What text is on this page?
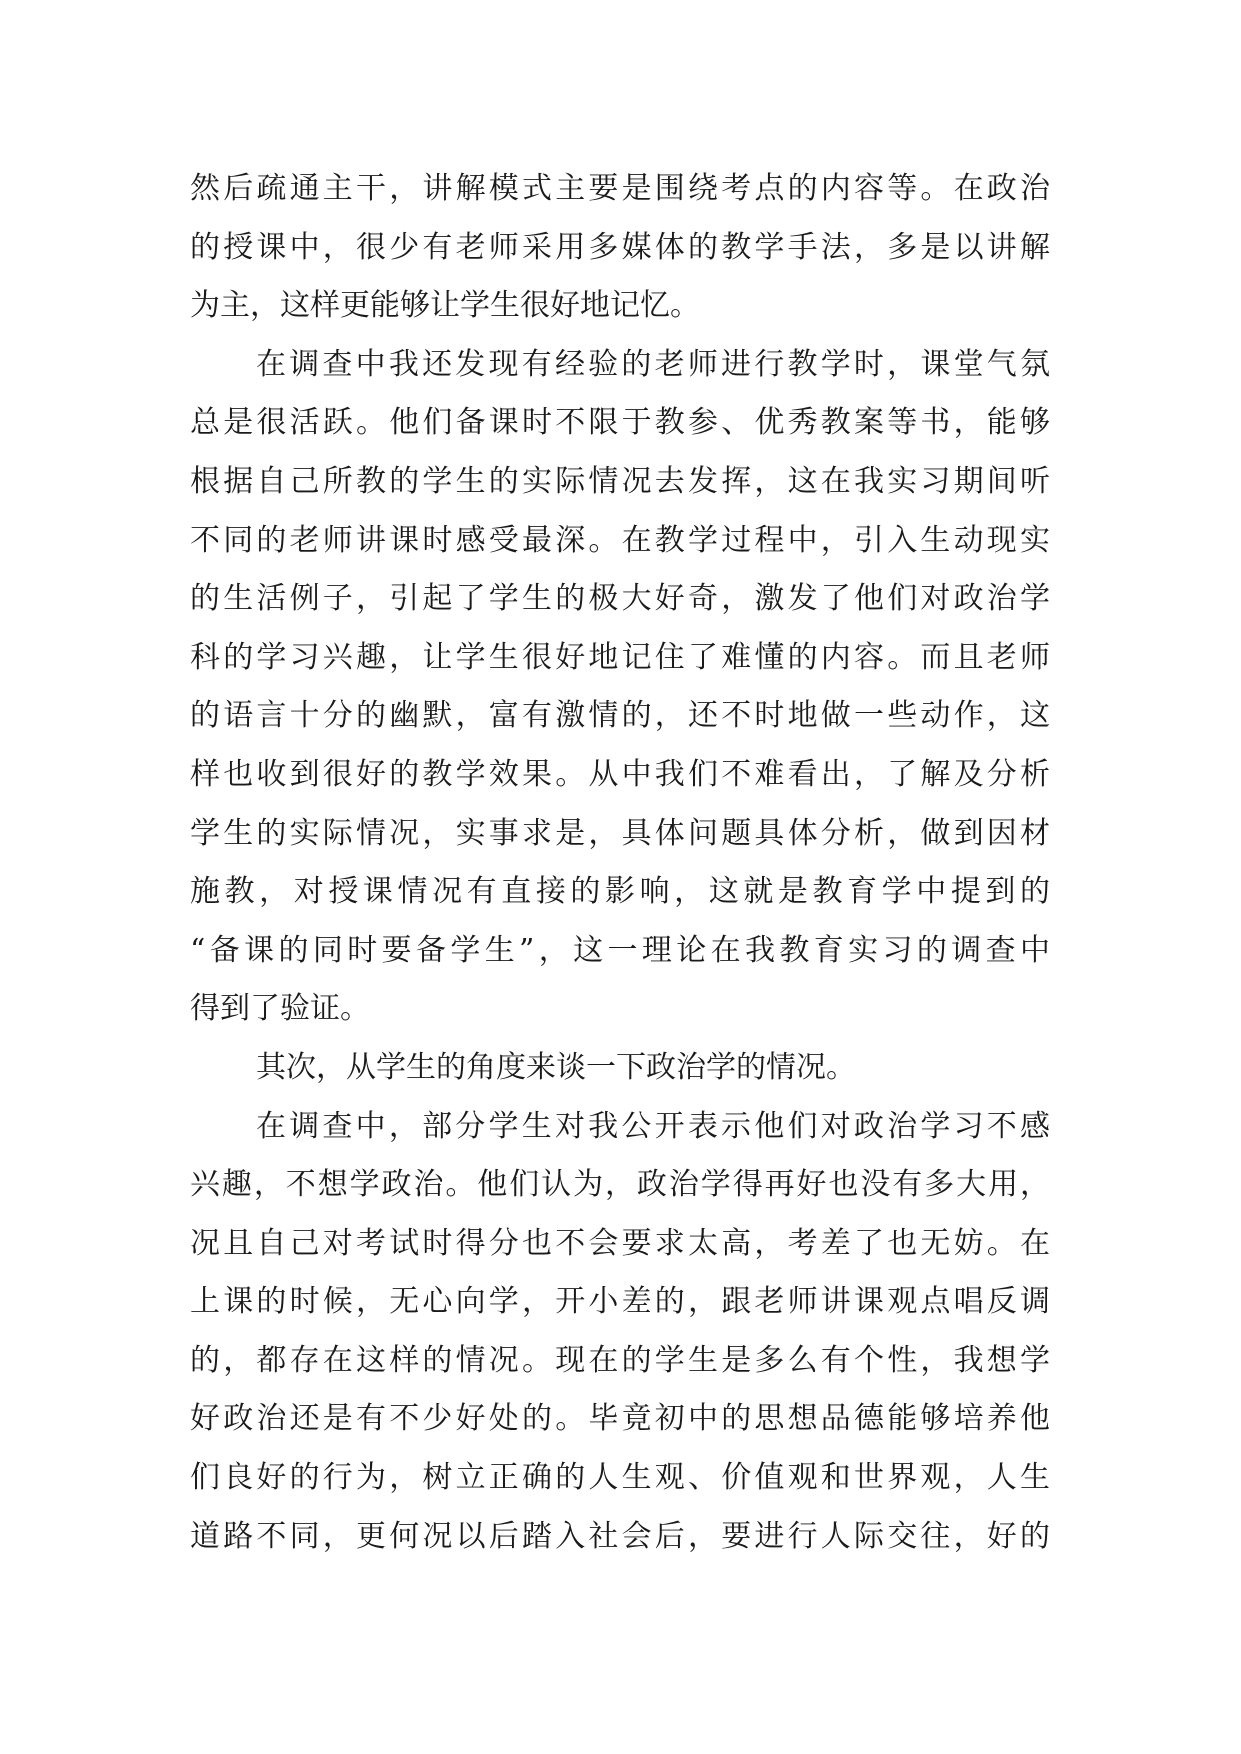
然后疏通主干，讲解模式主要是围绕考点的内容等。在政治
的授课中，很少有老师采用多媒体的教学手法，多是以讲解
为主，这样更能够让学生很好地记忆。
在调查中我还发现有经验的老师进行教学时，课堂气氛
总是很活跃。他们备课时不限于教参、优秀教案等书，能够
根据自己所教的学生的实际情况去发挥，这在我实习期间听
不同的老师讲课时感受最深。在教学过程中，引入生动现实
的生活例子，引起了学生的极大好奇，激发了他们对政治学
科的学习兴趣，让学生很好地记住了难懂的内容。而且老师
的语言十分的幽默，富有激情的，还不时地做一些动作，这
样也收到很好的教学效果。从中我们不难看出，了解及分析
学生的实际情况，实事求是，具体问题具体分析，做到因材
施教，对授课情况有直接的影响，这就是教育学中提到的
“备课的同时要备学生”，这一理论在我教育实习的调查中
得到了验证。
其次，从学生的角度来谈一下政治学的情况。
在调查中，部分学生对我公开表示他们对政治学习不感
兴趣，不想学政治。他们认为，政治学得再好也没有多大用，
况且自己对考试时得分也不会要求太高，考差了也无妨。在
上课的时候，无心向学，开小差的，跟老师讲课观点唱反调
的，都存在这样的情况。现在的学生是多么有个性，我想学
好政治还是有不少好处的。毕竟初中的思想品德能够培养他
们良好的行为，树立正确的人生观、价值观和世界观，人生
道路不同，更何况以后踏入社会后，要进行人际交往，好的
